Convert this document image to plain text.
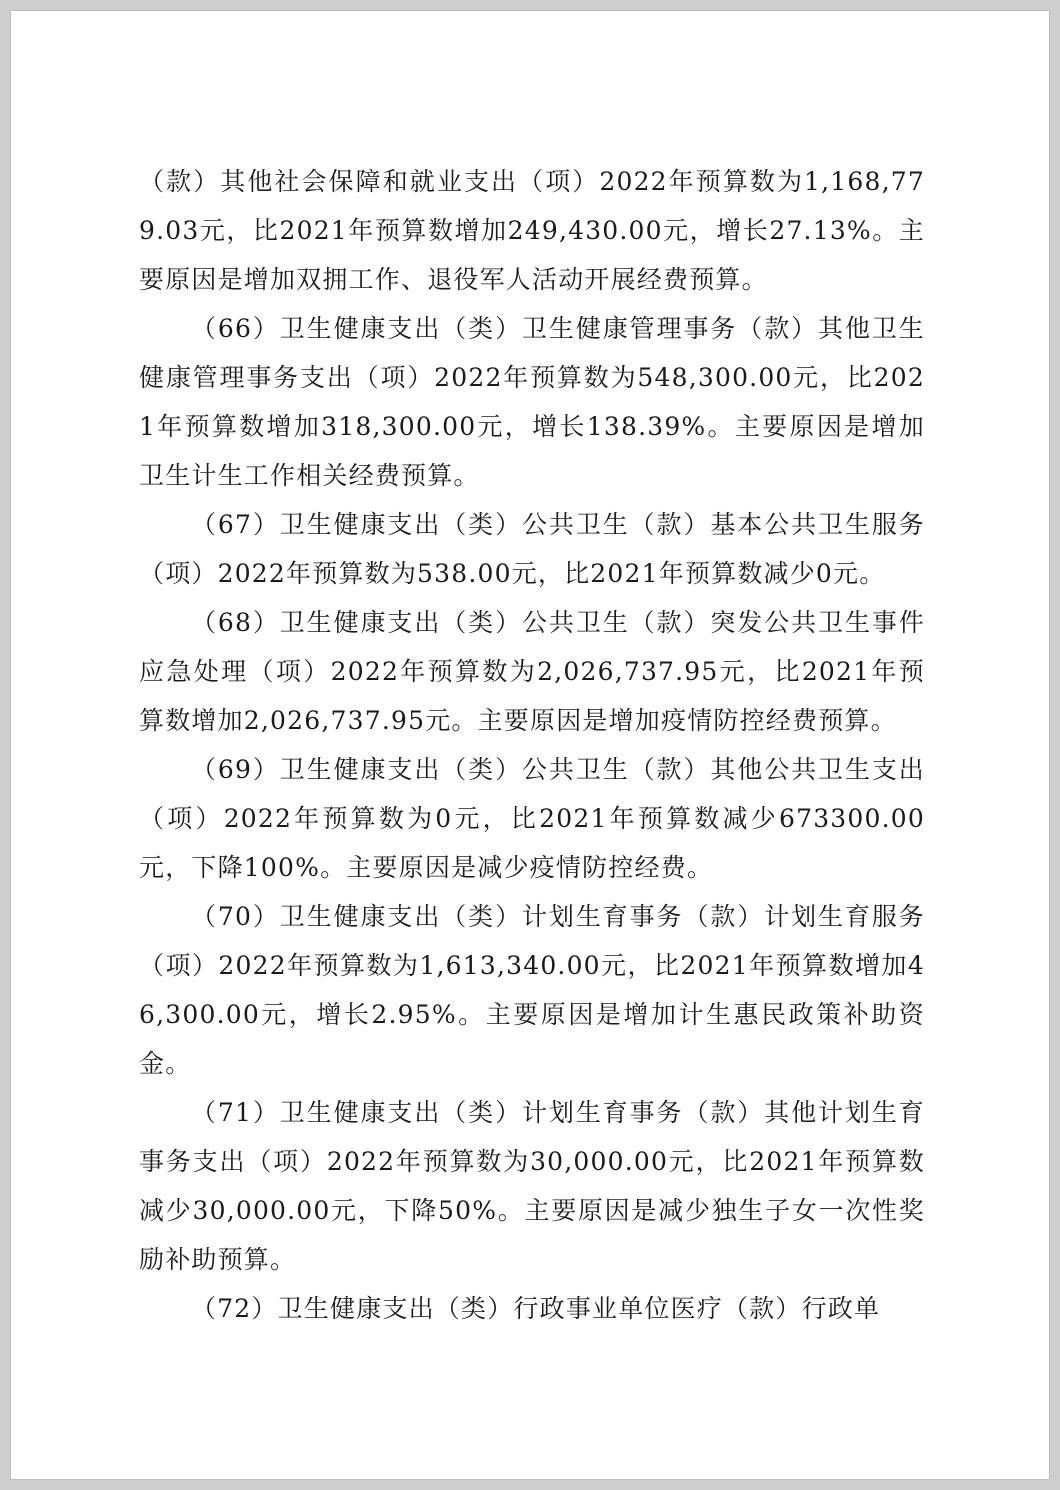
（款）其他社会保障和就业支出（项）2022年预算数为1,168,779.03元，比2021年预算数增加249,430.00元，增长27.13%。主要原因是增加双拥工作、退役军人活动开展经费预算。

（66）卫生健康支出（类）卫生健康管理事务（款）其他卫生健康管理事务支出（项）2022年预算数为548,300.00元，比2021年预算数增加318,300.00元，增长138.39%。主要原因是增加卫生计生工作相关经费预算。

（67）卫生健康支出（类）公共卫生（款）基本公共卫生服务（项）2022年预算数为538.00元，比2021年预算数减少0元。

（68）卫生健康支出（类）公共卫生（款）突发公共卫生事件应急处理（项）2022年预算数为2,026,737.95元，比2021年预算数增加2,026,737.95元。主要原因是增加疫情防控经费预算。

（69）卫生健康支出（类）公共卫生（款）其他公共卫生支出（项）2022年预算数为0元，比2021年预算数减少673300.00元，下降100%。主要原因是减少疫情防控经费。

（70）卫生健康支出（类）计划生育事务（款）计划生育服务（项）2022年预算数为1,613,340.00元，比2021年预算数增加46,300.00元，增长2.95%。主要原因是增加计生惠民政策补助资金。

（71）卫生健康支出（类）计划生育事务（款）其他计划生育事务支出（项）2022年预算数为30,000.00元，比2021年预算数减少30,000.00元，下降50%。主要原因是减少独生子女一次性奖励补助预算。

（72）卫生健康支出（类）行政事业单位医疗（款）行政单
